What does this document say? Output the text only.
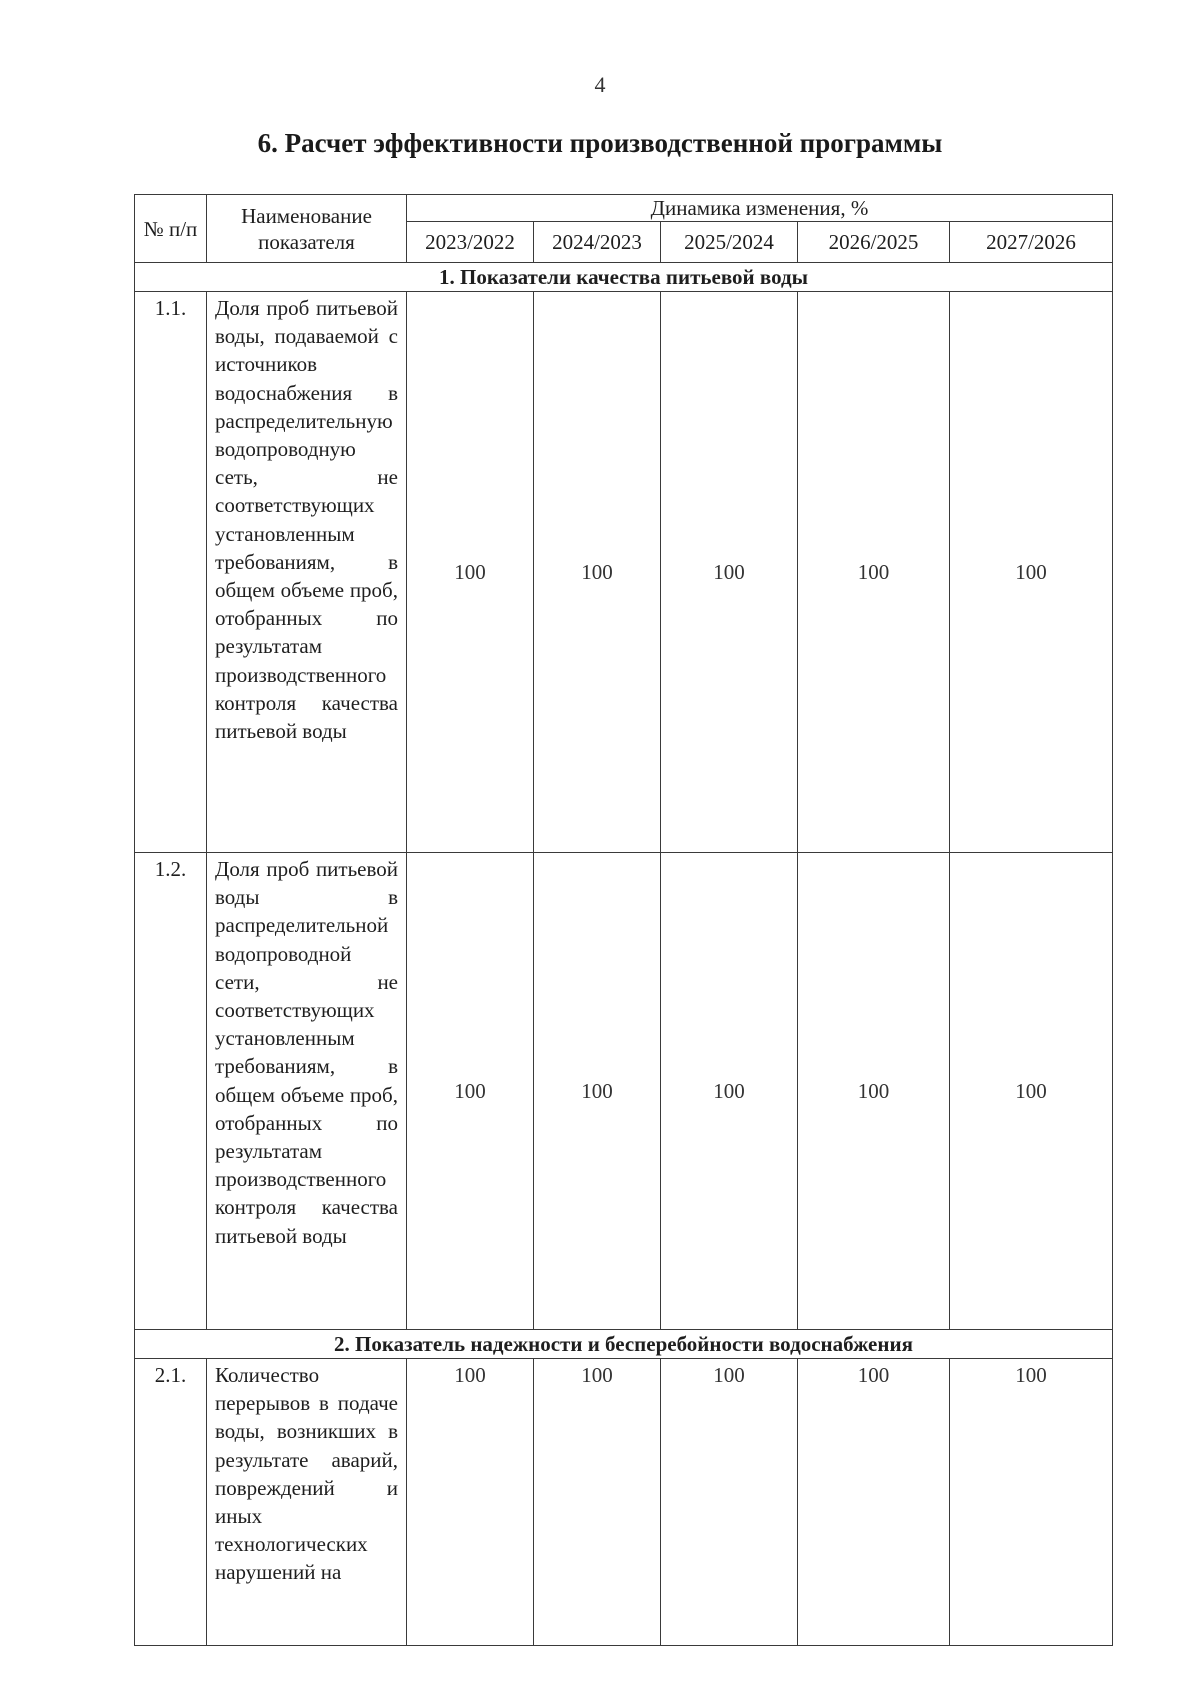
4
6. Расчет эффективности производственной программы
№ п/п	Наименование показателя	Динамика изменения, %				
		2023/2022	2024/2023	2025/2024	2026/2025	2027/2026
1. Показатели качества питьевой воды						
1.1.	Доля проб питьевой воды, подаваемой с источников водоснабжения в распределительную водопроводную сеть, не соответствующих установленным требованиям, в общем объеме проб, отобранных по результатам производственного контроля качества питьевой воды	100	100	100	100	100
1.2.	Доля проб питьевой воды в распределительной водопроводной сети, не соответствующих установленным требованиям, в общем объеме проб, отобранных по результатам производственного контроля качества питьевой воды	100	100	100	100	100
2. Показатель надежности и бесперебойности водоснабжения						
2.1.	Количество перерывов в подаче воды, возникших в результате аварий, повреждений и иных технологических нарушений на	100	100	100	100	100
